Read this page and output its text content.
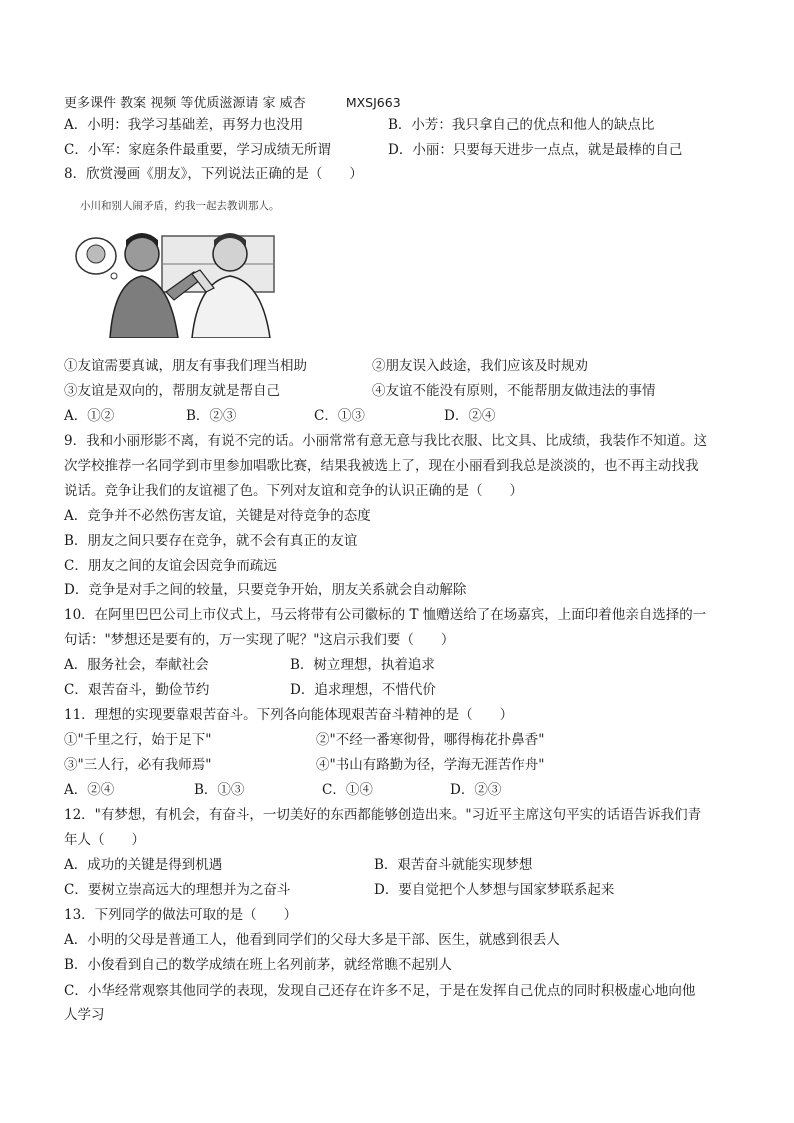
更多课件 教案 视频 等优质滋源请 家 威杏	MXSJ663
A．小明：我学习基础差，再努力也没用	B．小芳：我只拿自己的优点和他人的缺点比
C．小军：家庭条件最重要，学习成绩无所谓	D．小丽：只要每天进步一点点，就是最棒的自己
8．欣赏漫画《朋友》，下列说法正确的是（　　）
小川和别人闹矛盾，约我一起去教训那人。
①友谊需要真诚，朋友有事我们理当相助	②朋友误入歧途，我们应该及时规劝
③友谊是双向的，帮朋友就是帮自己	④友谊不能没有原则，不能帮朋友做违法的事情
A．①②	B．②③	C．①③	D．②④
9．我和小丽形影不离，有说不完的话。小丽常常有意无意与我比衣服、比文具、比成绩，我装作不知道。这
次学校推荐一名同学到市里参加唱歌比赛，结果我被选上了，现在小丽看到我总是淡淡的，也不再主动找我
说话。竞争让我们的友谊褪了色。下列对友谊和竞争的认识正确的是（　　）
A．竞争并不必然伤害友谊，关键是对待竞争的态度
B．朋友之间只要存在竞争，就不会有真正的友谊
C．朋友之间的友谊会因竞争而疏远
D．竞争是对手之间的较量，只要竞争开始，朋友关系就会自动解除
10．在阿里巴巴公司上市仪式上，马云将带有公司徽标的 T 恤赠送给了在场嘉宾，上面印着他亲自选择的一
句话："梦想还是要有的，万一实现了呢？"这启示我们要（　　）
A．服务社会，奉献社会	B．树立理想，执着追求
C．艰苦奋斗，勤俭节约	D．追求理想，不惜代价
11．理想的实现要靠艰苦奋斗。下列各向能体现艰苦奋斗精神的是（　　）
①"千里之行，始于足下"	②"不经一番寒彻骨，哪得梅花扑鼻香"
③"三人行，必有我师焉"	④"书山有路勤为径，学海无涯苦作舟"
A．②④	B．①③	C．①④	D．②③
12．"有梦想，有机会，有奋斗，一切美好的东西都能够创造出来。"习近平主席这句平实的话语告诉我们青
年人（　　）
A．成功的关键是得到机遇	B．艰苦奋斗就能实现梦想
C．要树立崇高远大的理想并为之奋斗	D．要自觉把个人梦想与国家梦联系起来
13．下列同学的做法可取的是（　　）
A．小明的父母是普通工人，他看到同学们的父母大多是干部、医生，就感到很丢人
B．小俊看到自己的数学成绩在班上名列前茅，就经常瞧不起别人
C．小华经常观察其他同学的表现，发现自己还存在许多不足，于是在发挥自己优点的同时积极虚心地向他
人学习
